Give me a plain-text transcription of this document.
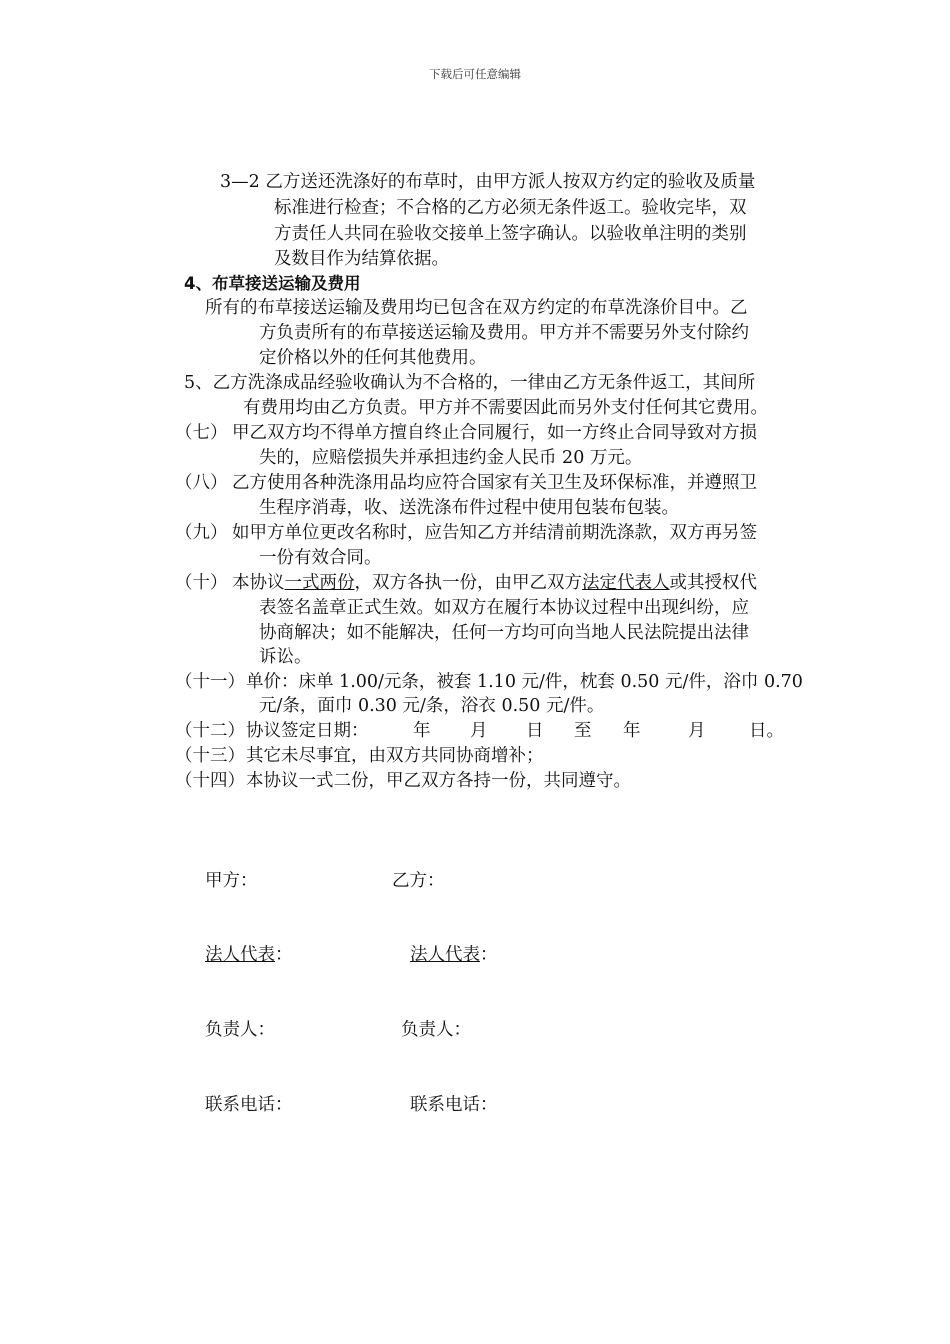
下载后可任意编辑
3—2 乙方送还洗涤好的布草时，由甲方派人按双方约定的验收及质量
标准进行检查；不合格的乙方必须无条件返工。验收完毕，双
方责任人共同在验收交接单上签字确认。以验收单注明的类别
及数目作为结算依据。
4、布草接送运输及费用
所有的布草接送运输及费用均已包含在双方约定的布草洗涤价目中。乙
方负责所有的布草接送运输及费用。甲方并不需要另外支付除约
定价格以外的任何其他费用。
5、乙方洗涤成品经验收确认为不合格的，一律由乙方无条件返工，其间所
有费用均由乙方负责。甲方并不需要因此而另外支付任何其它费用。
（七） 甲乙双方均不得单方擅自终止合同履行，如一方终止合同导致对方损
失的，应赔偿损失并承担违约金人民币 20 万元。
（八） 乙方使用各种洗涤用品均应符合国家有关卫生及环保标准，并遵照卫
生程序消毒，收、送洗涤布件过程中使用包装布包装。
（九） 如甲方单位更改名称时，应告知乙方并结清前期洗涤款，双方再另签
一份有效合同。
（十） 本协议一式两份，双方各执一份，由甲乙双方法定代表人或其授权代
表签名盖章正式生效。如双方在履行本协议过程中出现纠纷，应
协商解决；如不能解决，任何一方均可向当地人民法院提出法律
诉讼。
（十一） 单价：床单 1.00/元条，被套 1.10 元/件，枕套 0.50 元/件，浴巾 0.70
元/条，面巾 0.30 元/条，浴衣 0.50 元/件。
（十二） 协议签定日期：	年 月 日 至 年	月 日。
（十三） 其它未尽事宜，由双方共同协商增补；
（十四） 本协议一式二份，甲乙双方各持一份，共同遵守。
甲方：	乙方：
法人代表：	法人代表：
负责人：	负责人：
联系电话：	联系电话：
